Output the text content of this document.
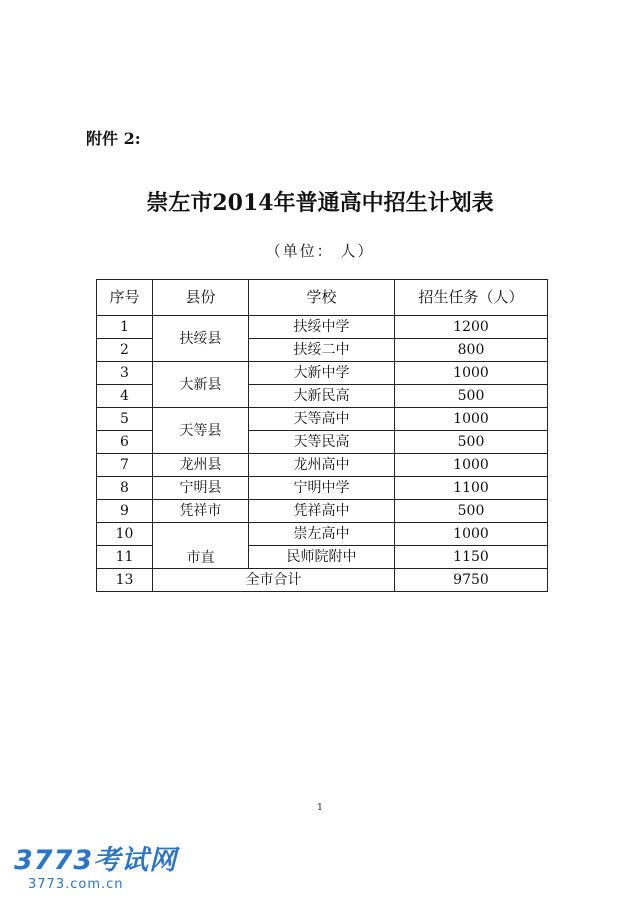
附件 2:
崇左市2014年普通高中招生计划表
（单位： 人）
序号	县份	学校	招生任务（人）
1	扶绥县	扶绥中学	1200
2		扶绥二中	800
3	大新县	大新中学	1000
4		大新民高	500
5	天等县	天等高中	1000
6		天等民高	500
7	龙州县	龙州高中	1000
8	宁明县	宁明中学	1100
9	凭祥市	凭祥高中	500
10	市直	崇左高中	1000
11		民师院附中	1150
13	全市合计		9750
1
3773考试网
3773.com.cn
